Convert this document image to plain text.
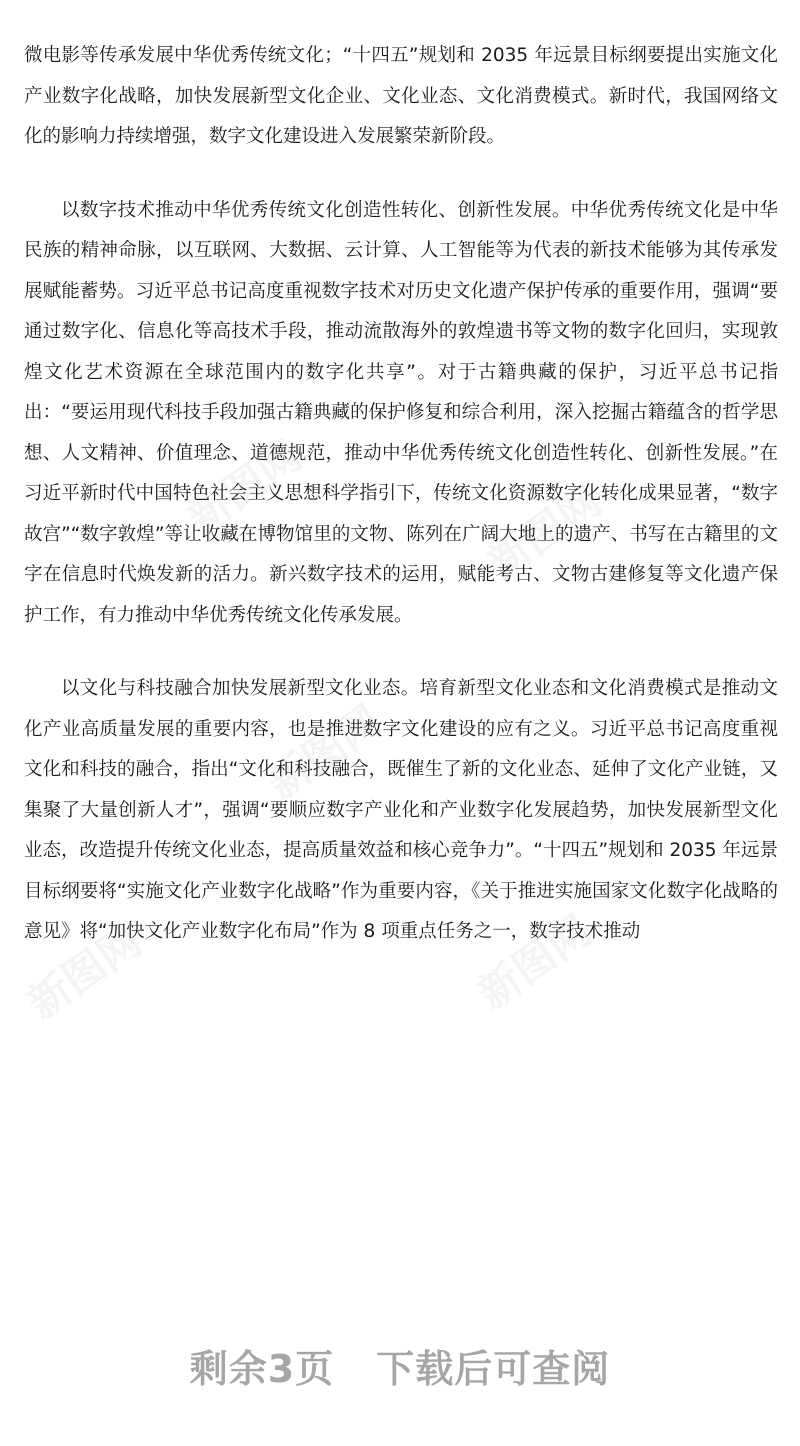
新图网	新图网
新图网
新图网	新图网

微电影等传承发展中华优秀传统文化；“十四五”规划和 2035 年远景目标纲要提出实施文化产业数字化战略，加快发展新型文化企业、文化业态、文化消费模式。新时代，我国网络文化的影响力持续增强，数字文化建设进入发展繁荣新阶段。

以数字技术推动中华优秀传统文化创造性转化、创新性发展。中华优秀传统文化是中华民族的精神命脉，以互联网、大数据、云计算、人工智能等为代表的新技术能够为其传承发展赋能蓄势。习近平总书记高度重视数字技术对历史文化遗产保护传承的重要作用，强调“要通过数字化、信息化等高技术手段，推动流散海外的敦煌遗书等文物的数字化回归，实现敦煌文化艺术资源在全球范围内的数字化共享”。对于古籍典藏的保护，习近平总书记指出：“要运用现代科技手段加强古籍典藏的保护修复和综合利用，深入挖掘古籍蕴含的哲学思想、人文精神、价值理念、道德规范，推动中华优秀传统文化创造性转化、创新性发展。”在习近平新时代中国特色社会主义思想科学指引下，传统文化资源数字化转化成果显著，“数字故宫”“数字敦煌”等让收藏在博物馆里的文物、陈列在广阔大地上的遗产、书写在古籍里的文字在信息时代焕发新的活力。新兴数字技术的运用，赋能考古、文物古建修复等文化遗产保护工作，有力推动中华优秀传统文化传承发展。

以文化与科技融合加快发展新型文化业态。培育新型文化业态和文化消费模式是推动文化产业高质量发展的重要内容，也是推进数字文化建设的应有之义。习近平总书记高度重视文化和科技的融合，指出“文化和科技融合，既催生了新的文化业态、延伸了文化产业链，又集聚了大量创新人才”，强调“要顺应数字产业化和产业数字化发展趋势，加快发展新型文化业态，改造提升传统文化业态，提高质量效益和核心竞争力”。“十四五”规划和 2035 年远景目标纲要将“实施文化产业数字化战略”作为重要内容，《关于推进实施国家文化数字化战略的意见》将“加快文化产业数字化布局”作为 8 项重点任务之一，数字技术推动

剩余3页 下载后可查阅
